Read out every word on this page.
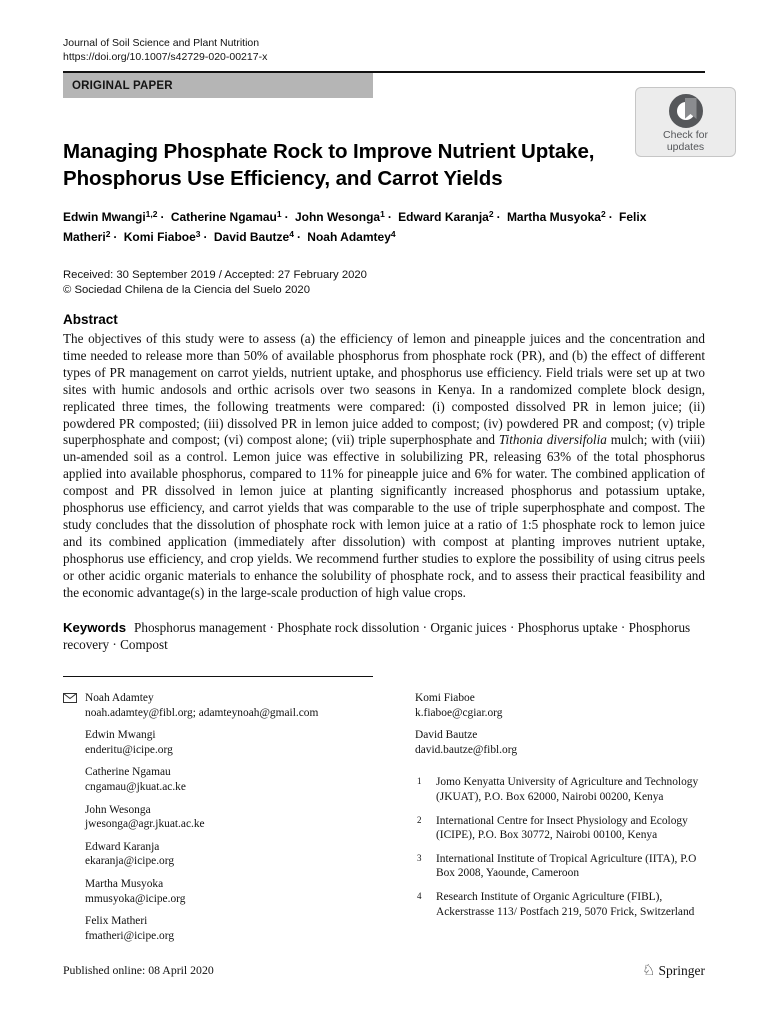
Journal of Soil Science and Plant Nutrition
https://doi.org/10.1007/s42729-020-00217-x
ORIGINAL PAPER
Managing Phosphate Rock to Improve Nutrient Uptake, Phosphorus Use Efficiency, and Carrot Yields
Edwin Mwangi$^{1,2}$ · Catherine Ngamau$^1$ · John Wesonga$^1$ · Edward Karanja$^2$ · Martha Musyoka$^2$ · Felix Matheri$^2$ · Komi Fiaboe$^3$ · David Bautze$^4$ · Noah Adamtey$^4$
Received: 30 September 2019 / Accepted: 27 February 2020
© Sociedad Chilena de la Ciencia del Suelo 2020
Abstract

The objectives of this study were to assess (a) the efficiency of lemon and pineapple juices and the concentration and time needed to release more than 50% of available phosphorus from phosphate rock (PR), and (b) the effect of different types of PR management on carrot yields, nutrient uptake, and phosphorus use efficiency. Field trials were set up at two sites with humic andosols and orthic acrisols over two seasons in Kenya. In a randomized complete block design, replicated three times, the following treatments were compared: (i) composted dissolved PR in lemon juice; (ii) powdered PR composted; (iii) dissolved PR in lemon juice added to compost; (iv) powdered PR and compost; (v) triple superphosphate and compost; (vi) compost alone; (vii) triple superphosphate and Tithonia diversifolia mulch; with (viii) un-amended soil as a control. Lemon juice was effective in solubilizing PR, releasing 63% of the total phosphorus applied into available phosphorus, compared to 11% for pineapple juice and 6% for water. The combined application of compost and PR dissolved in lemon juice at planting significantly increased phosphorus and potassium uptake, phosphorus use efficiency, and carrot yields that was comparable to the use of triple superphosphate and compost. The study concludes that the dissolution of phosphate rock with lemon juice at a ratio of 1:5 phosphate rock to lemon juice and its combined application (immediately after dissolution) with compost at planting improves nutrient uptake, phosphorus use efficiency, and crop yields. We recommend further studies to explore the possibility of using citrus peels or other acidic organic materials to enhance the solubility of phosphate rock, and to assess their practical feasibility and the economic advantage(s) in the large-scale production of high value crops.

Keywords Phosphorus management · Phosphate rock dissolution · Organic juices · Phosphorus uptake · Phosphorus recovery · Compost

Check for
updates
Noah Adamtey
noah.adamtey@fibl.org; adamteynoah@gmail.com
Edwin Mwangi
enderitu@icipe.org
Catherine Ngamau
cngamau@jkuat.ac.ke
John Wesonga
jwesonga@agr.jkuat.ac.ke
Edward Karanja
ekaranja@icipe.org
Martha Musyoka
mmusyoka@icipe.org
Felix Matheri
fmatheri@icipe.org
Komi Fiaboe
k.fiaboe@cgiar.org
David Bautze
david.bautze@fibl.org
1	Jomo Kenyatta University of Agriculture and Technology (JKUAT), P.O. Box 62000, Nairobi 00200, Kenya
2	International Centre for Insect Physiology and Ecology (ICIPE), P.O. Box 30772, Nairobi 00100, Kenya
3	International Institute of Tropical Agriculture (IITA), P.O Box 2008, Yaounde, Cameroon
4	Research Institute of Organic Agriculture (FIBL), Ackerstrasse 113/ Postfach 219, 5070 Frick, Switzerland
Published online: 08 April 2020	♘ Springer
